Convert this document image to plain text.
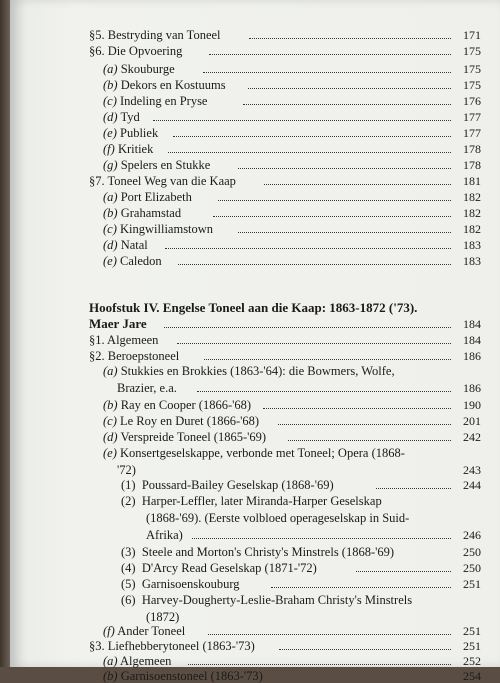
§5. Bestryding van Toneel	171
§6. Die Opvoering	175
(a) Skouburge	175
(b) Dekors en Kostuums	175
(c) Indeling en Pryse	176
(d) Tyd	177
(e) Publiek	177
(f) Kritiek	178
(g) Spelers en Stukke	178
§7. Toneel Weg van die Kaap	181
(a) Port Elizabeth	182
(b) Grahamstad	182
(c) Kingwilliamstown	182
(d) Natal	183
(e) Caledon	183
Hoofstuk IV. Engelse Toneel aan die Kaap: 1863-1872 ('73).
Maer Jare	184
§1. Algemeen	184
§2. Beroepstoneel	186
(a) Stukkies en Brokkies (1863-'64): die Bowmers, Wolfe,
Brazier, e.a.	186
(b) Ray en Cooper (1866-'68)	190
(c) Le Roy en Duret (1866-'68)	201
(d) Verspreide Toneel (1865-'69)	242
(e) Konsertgeselskappe, verbonde met Toneel; Opera (1868-
'72)	243
(1) Poussard-Bailey Geselskap (1868-'69)	244
(2) Harper-Leffler, later Miranda-Harper Geselskap
(1868-'69). (Eerste volbloed operageselskap in Suid-
Afrika)	246
(3) Steele and Morton's Christy's Minstrels (1868-'69)	250
(4) D'Arcy Read Geselskap (1871-'72)	250
(5) Garnisoenskouburg	251
(6) Harvey-Dougherty-Leslie-Braham Christy's Minstrels
(1872)
(f) Ander Toneel	251
§3. Liefhebberytoneel (1863-'73)	251
(a) Algemeen	252
(b) Garnisoenstoneel (1863-'73)	254
